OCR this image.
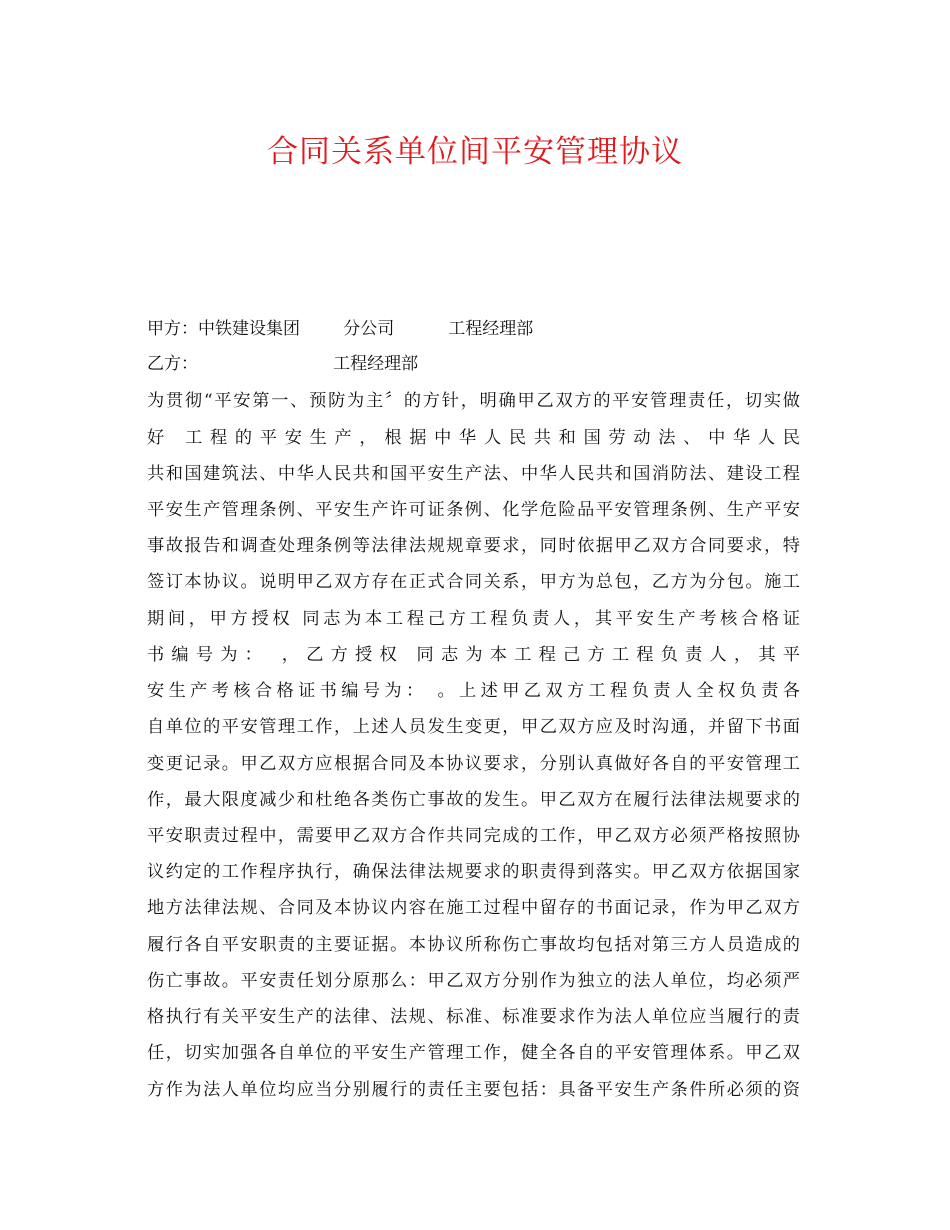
合同关系单位间平安管理协议
甲方：中铁建设集团        分公司          工程经理部
乙方：                         工程经理部
为贯彻“平安第一、预防为主〞的方针，明确甲乙双方的平安管理责任，切实做
好 工程的平安生产，根据中华人民共和国劳动法、中华人民
共和国建筑法、中华人民共和国平安生产法、中华人民共和国消防法、建设工程
平安生产管理条例、平安生产许可证条例、化学危险品平安管理条例、生产平安
事故报告和调查处理条例等法律法规规章要求，同时依据甲乙双方合同要求，特
签订本协议。说明甲乙双方存在正式合同关系，甲方为总包，乙方为分包。施工
期间，甲方授权 同志为本工程己方工程负责人，其平安生产考核合格证
书编号为： ，乙方授权 同志为本工程己方工程负责人，其平
安生产考核合格证书编号为： 。上述甲乙双方工程负责人全权负责各
自单位的平安管理工作，上述人员发生变更，甲乙双方应及时沟通，并留下书面
变更记录。甲乙双方应根据合同及本协议要求，分别认真做好各自的平安管理工
作，最大限度减少和杜绝各类伤亡事故的发生。甲乙双方在履行法律法规要求的
平安职责过程中，需要甲乙双方合作共同完成的工作，甲乙双方必须严格按照协
议约定的工作程序执行，确保法律法规要求的职责得到落实。甲乙双方依据国家
地方法律法规、合同及本协议内容在施工过程中留存的书面记录，作为甲乙双方
履行各自平安职责的主要证据。本协议所称伤亡事故均包括对第三方人员造成的
伤亡事故。平安责任划分原那么：甲乙双方分别作为独立的法人单位，均必须严
格执行有关平安生产的法律、法规、标准、标准要求作为法人单位应当履行的责
任，切实加强各自单位的平安生产管理工作，健全各自的平安管理体系。甲乙双
方作为法人单位均应当分别履行的责任主要包括：具备平安生产条件所必须的资
